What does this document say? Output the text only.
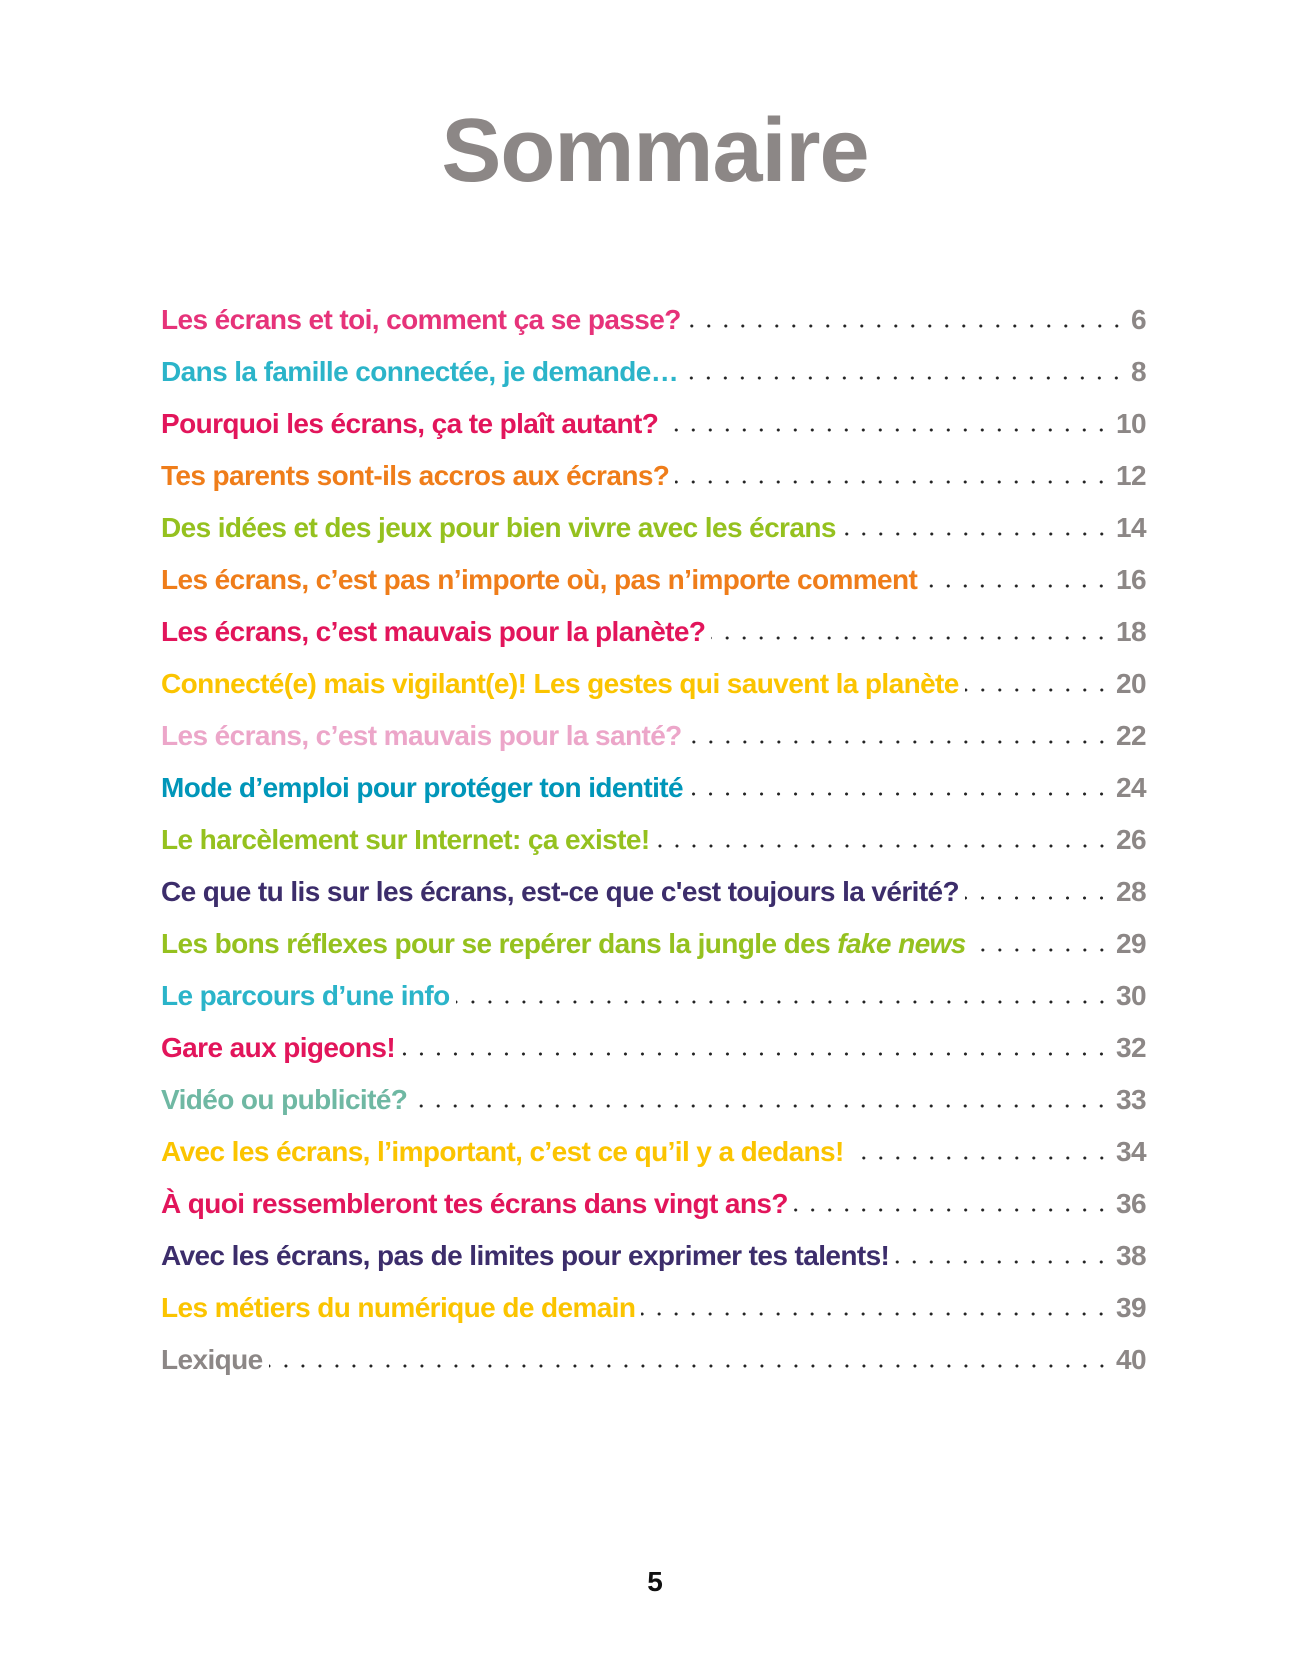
Sommaire
Les écrans et toi, comment ça se passe?	6
Dans la famille connectée, je demande…	8
Pourquoi les écrans, ça te plaît autant?	10
Tes parents sont-ils accros aux écrans?	12
Des idées et des jeux pour bien vivre avec les écrans	14
Les écrans, c’est pas n’importe où, pas n’importe comment	16
Les écrans, c’est mauvais pour la planète?	18
Connecté(e) mais vigilant(e)! Les gestes qui sauvent la planète	20
Les écrans, c’est mauvais pour la santé?	22
Mode d’emploi pour protéger ton identité	24
Le harcèlement sur Internet: ça existe!	26
Ce que tu lis sur les écrans, est-ce que c'est toujours la vérité?	28
Les bons réflexes pour se repérer dans la jungle des fake news	29
Le parcours d’une info	30
Gare aux pigeons!	32
Vidéo ou publicité?	33
Avec les écrans, l’important, c’est ce qu’il y a dedans!	34
À quoi ressembleront tes écrans dans vingt ans?	36
Avec les écrans, pas de limites pour exprimer tes talents!	38
Les métiers du numérique de demain	39
Lexique	40
5
